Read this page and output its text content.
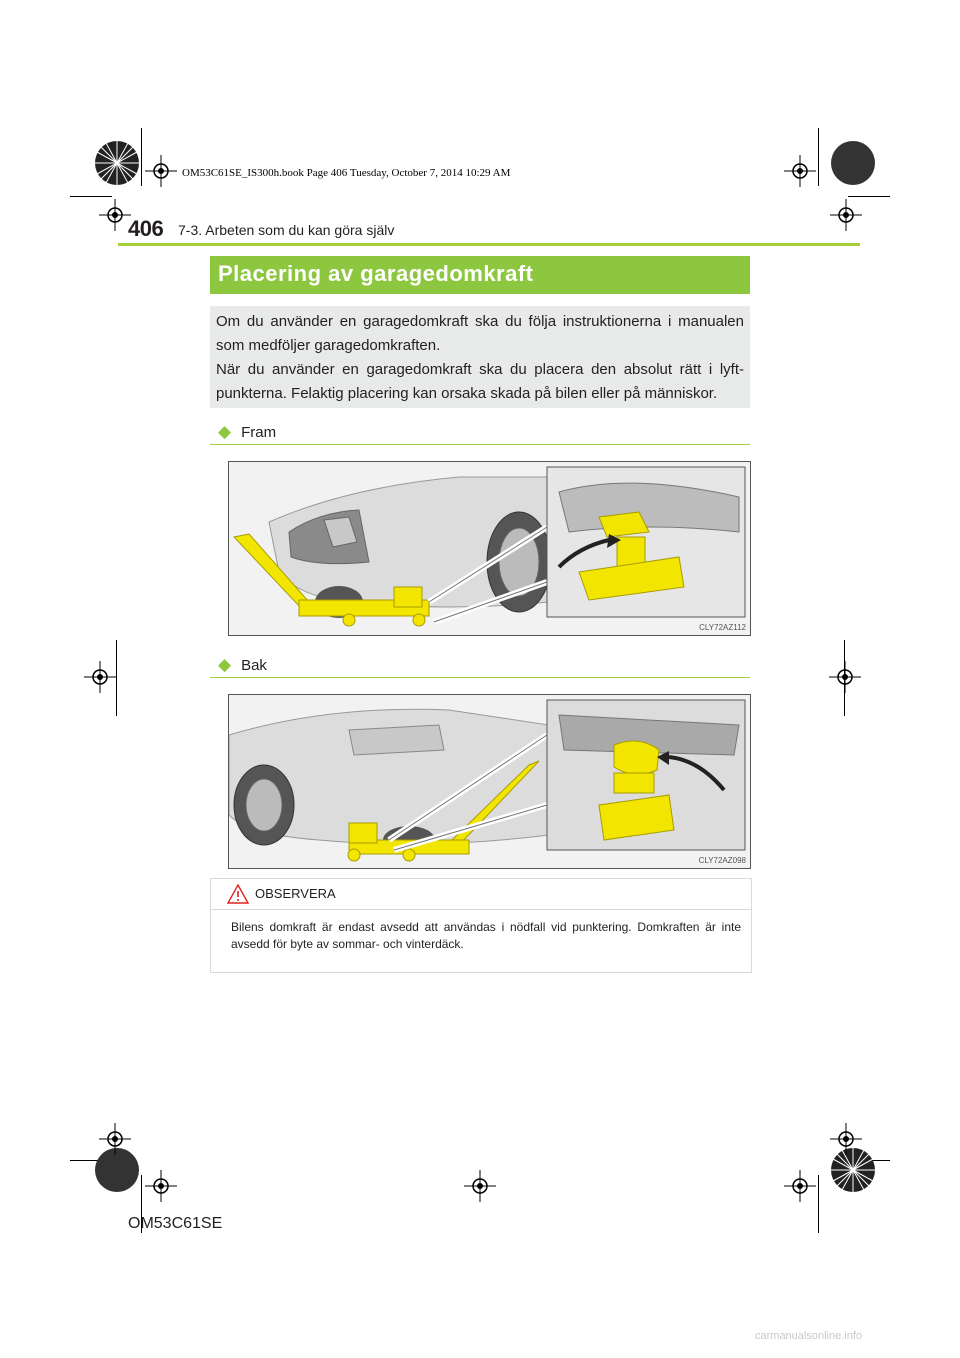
OM53C61SE_IS300h.book Page 406 Tuesday, October 7, 2014 10:29 AM
406 7-3. Arbeten som du kan göra själv
Placering av garagedomkraft

Om du använder en garagedomkraft ska du följa instruktionerna i manualen som medföljer garagedomkraften.

När du använder en garagedomkraft ska du placera den absolut rätt i lyft-punkterna. Felaktig placering kan orsaka skada på bilen eller på människor.

◆ Fram
CLY72AZ112
◆ Bak
CLY72AZ098
OBSERVERA
Bilens domkraft är endast avsedd att användas i nödfall vid punktering. Domkraften är inte avsedd för byte av sommar- och vinterdäck.
OM53C61SE
carmanualsonline.info
